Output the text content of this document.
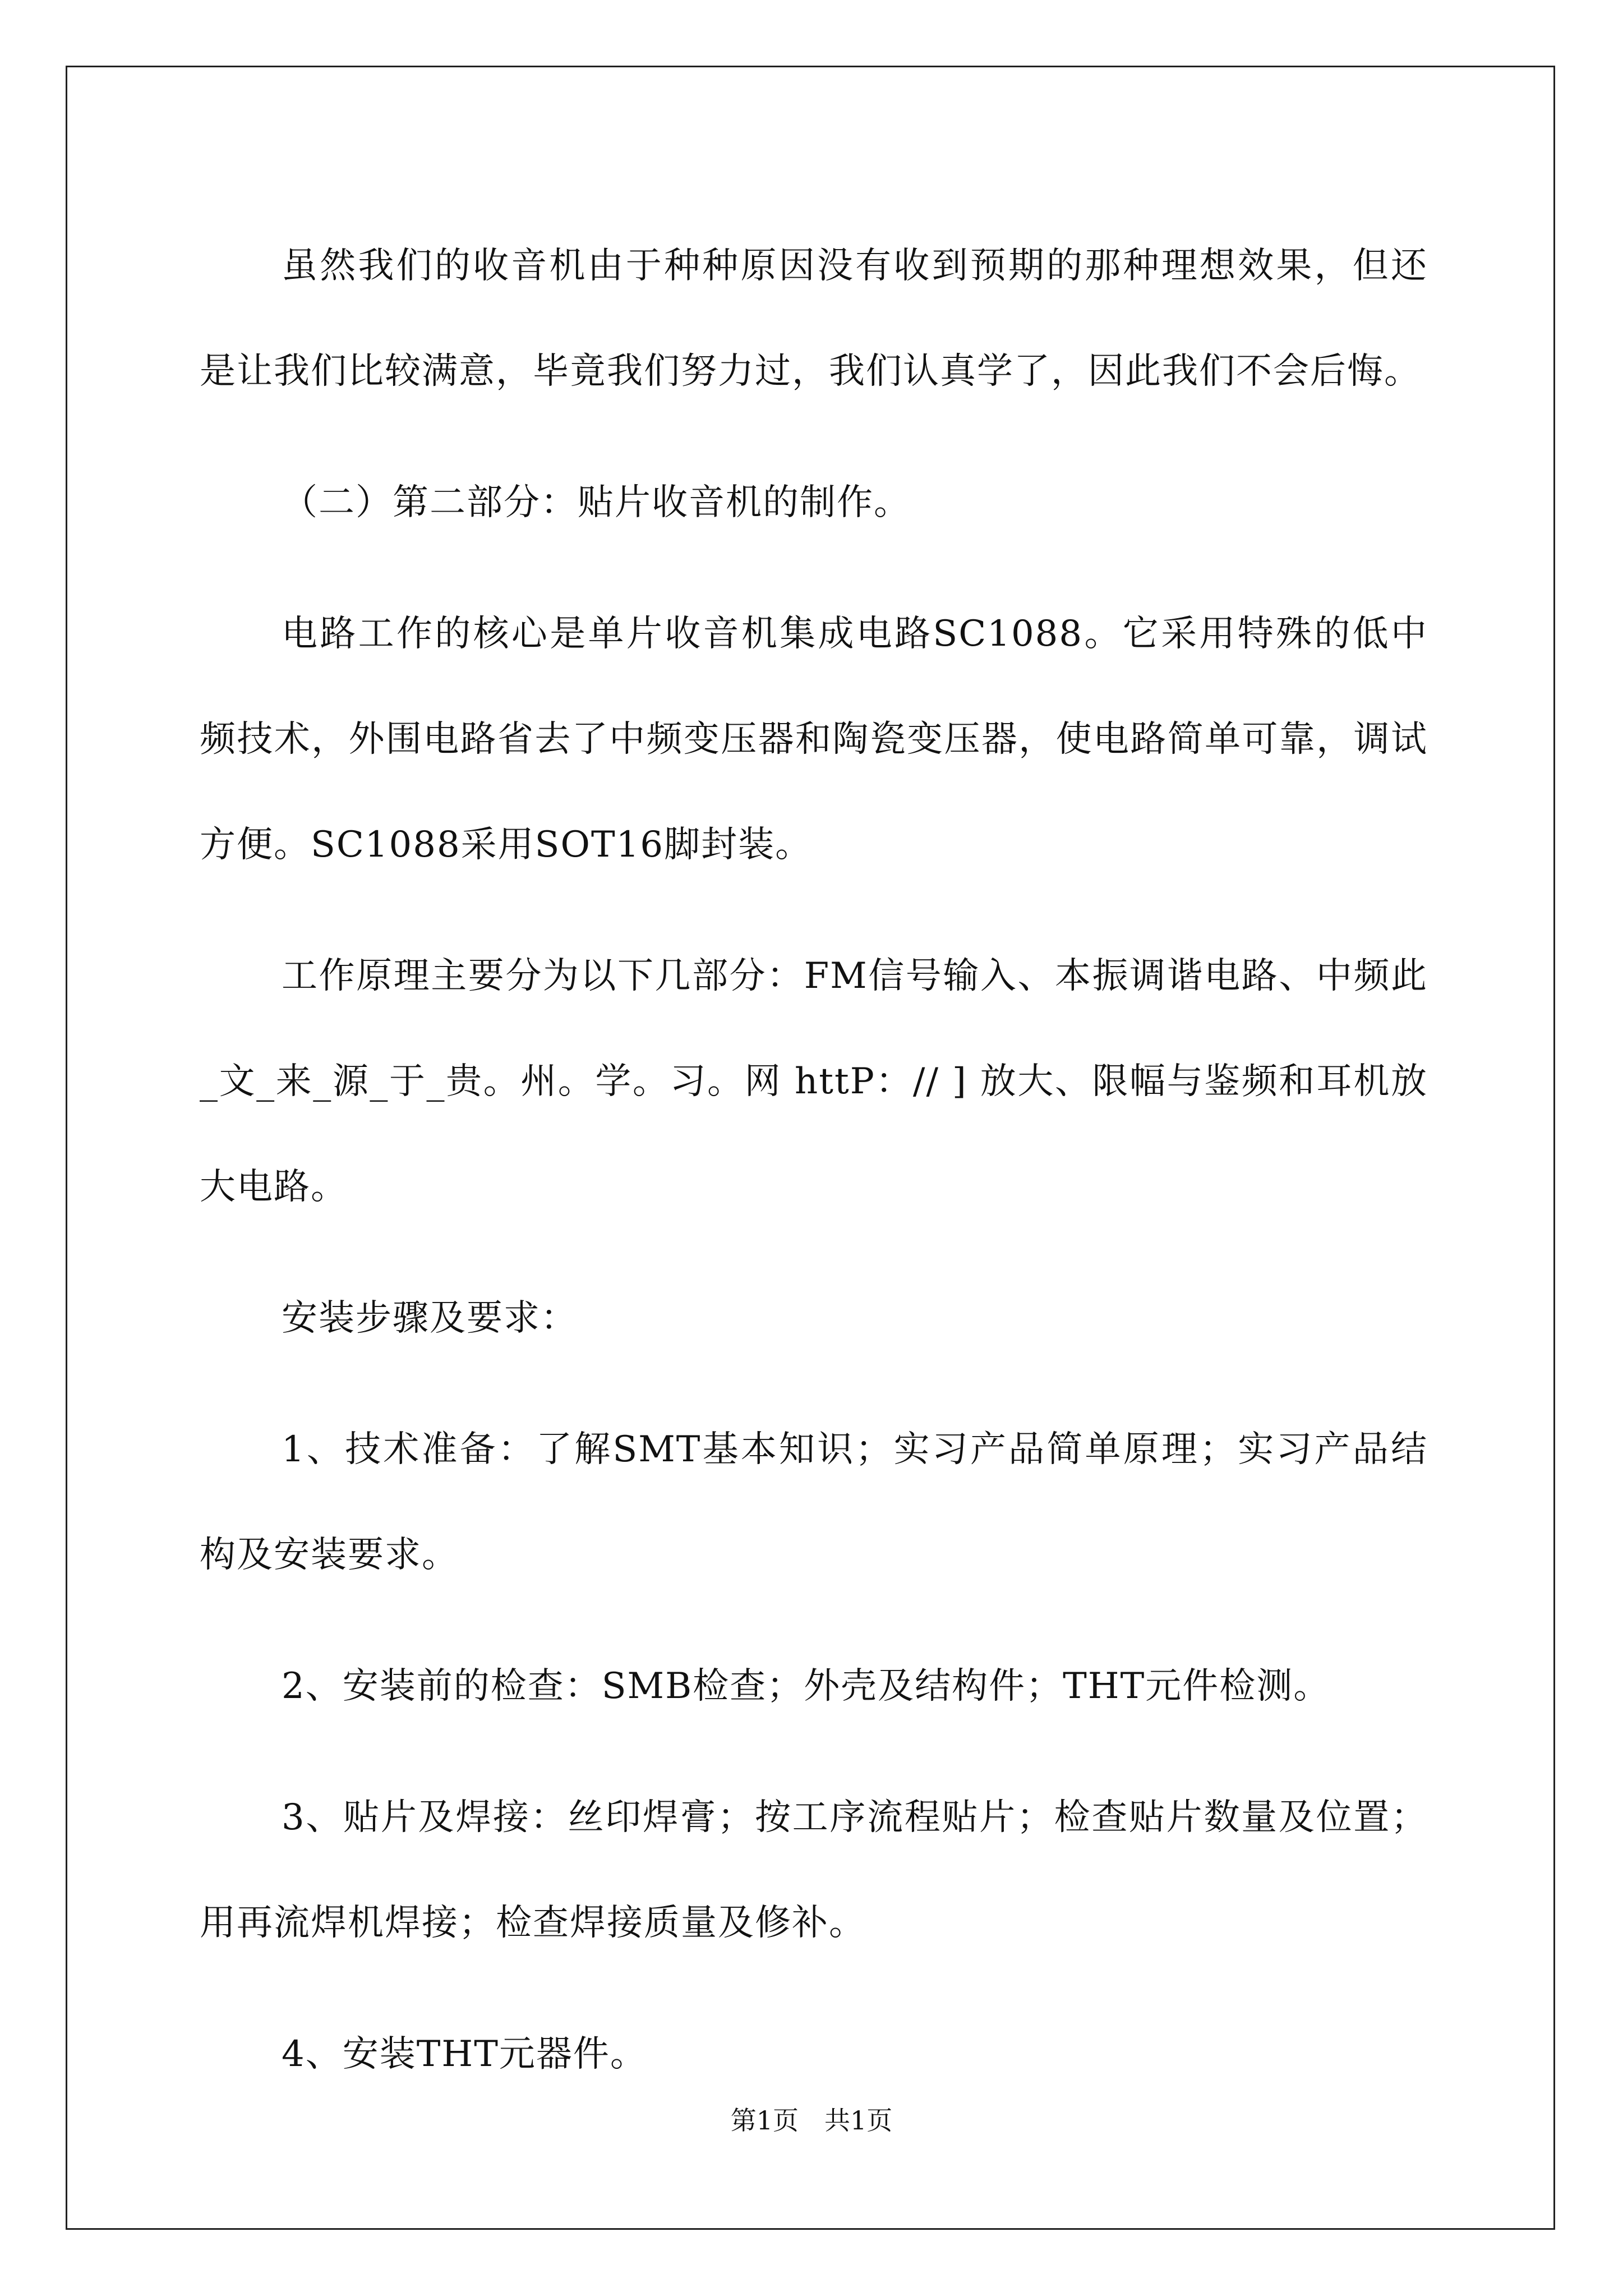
虽然我们的收音机由于种种原因没有收到预期的那种理想效果，但还是让我们比较满意，毕竟我们努力过，我们认真学了，因此我们不会后悔。

（二）第二部分：贴片收音机的制作。

电路工作的核心是单片收音机集成电路SC1088。它采用特殊的低中频技术，外围电路省去了中频变压器和陶瓷变压器，使电路简单可靠，调试方便。SC1088采用SOT16脚封装。

工作原理主要分为以下几部分：FM信号输入、本振调谐电路、中频此_文_来_源_于_贵。州。学。习。网 httP：// ] 放大、限幅与鉴频和耳机放大电路。

安装步骤及要求：

1、技术准备：了解SMT基本知识；实习产品简单原理；实习产品结构及安装要求。

2、安装前的检查：SMB检查；外壳及结构件；THT元件检测。

3、贴片及焊接：丝印焊膏；按工序流程贴片；检查贴片数量及位置；用再流焊机焊接；检查焊接质量及修补。

4、安装THT元器件。

第1页　共1页
